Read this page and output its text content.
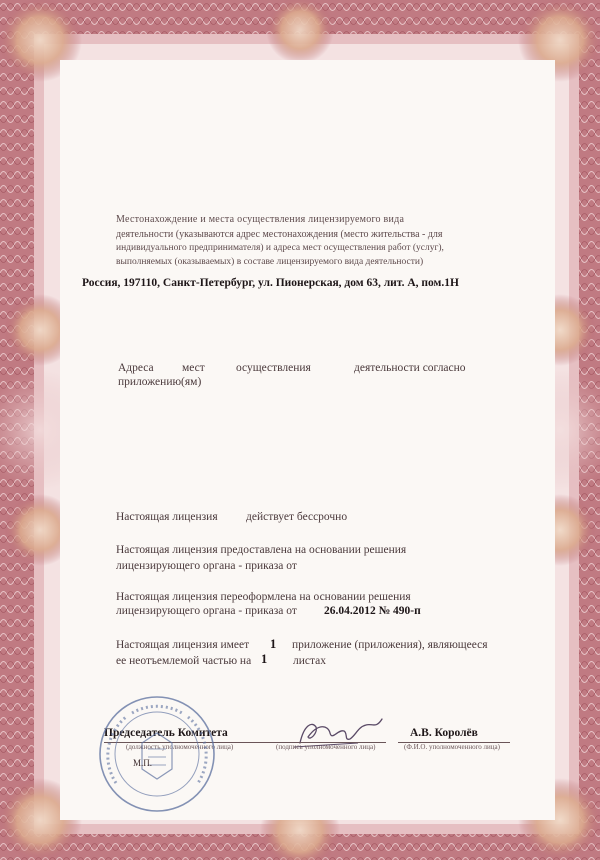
Местонахождение и места осуществления лицензируемого вида
деятельности (указываются адрес местонахождения (место жительства - для
индивидуального предпринимателя) и адреса мест осуществления работ (услуг),
выполняемых (оказываемых) в составе лицензируемого вида деятельности)
Россия, 197110, Санкт-Петербург, ул. Пионерская, дом 63, лит. А, пом.1Н
Адреса мест	осуществления	деятельности согласно
приложению(ям)
Настоящая лицензия действует бессрочно
Настоящая лицензия предоставлена на основании решения
лицензирующего органа - приказа от
Настоящая лицензия переоформлена на основании решения
лицензирующего органа - приказа от 26.04.2012 № 490-п
Настоящая лицензия имеет 1 приложение (приложения), являющееся
ее неотъемлемой частью на 1 листах
Председатель Комитета
(должность уполномоченного лица)	(подпись уполномоченного лица)
А.В. Королёв
(Ф.И.О. уполномоченного лица)
М.П.
